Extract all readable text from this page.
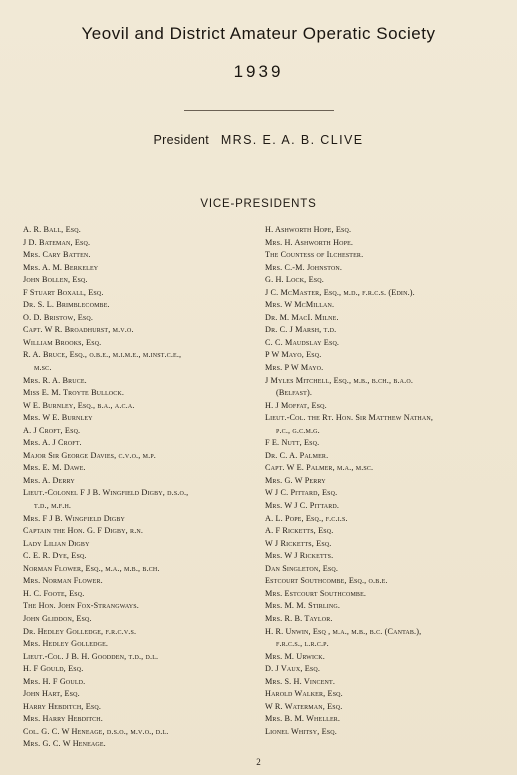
Yeovil and District Amateur Operatic Society
1939
President MRS. E. A. B. CLIVE
VICE-PRESIDENTS
A. R. Ball, Esq.
J D. Bateman, Esq.
Mrs. Cary Batten.
Mrs. A. M. Berkeley
John Bollen, Esq.
F Stuart Boxall, Esq.
Dr. S. L. Brimblecombe.
O. D. Bristow, Esq.
Capt. W R. Broadhurst, m.v.o.
William Brooks, Esq.
R. A. Bruce, Esq., o.b.e., m.i.m.e., m.inst.c.e.,
m.sc.
Mrs. R. A. Bruce.
Miss E. M. Troyte Bullock.
W E. Burnley, Esq., b.a., a.c.a.
Mrs. W E. Burnley
A. J Croft, Esq.
Mrs. A. J Croft.
Major Sir George Davies, c.v.o., m.p.
Mrs. E. M. Dawe.
Mrs. A. Derry
Lieut.-Colonel F J B. Wingfield Digby, d.s.o.,
t.d., m.f.h.
Mrs. F J B. Wingfield Digby
Captain the Hon. G. F Digby, r.n.
Lady Lilian Digby
C. E. R. Dye, Esq.
Norman Flower, Esq., m.a., m.b., b.ch.
Mrs. Norman Flower.
H. C. Foote, Esq.
The Hon. John Fox-Strangways.
John Gliddon, Esq.
Dr. Hedley Golledge, f.r.c.v.s.
Mrs. Hedley Golledge.
Lieut.-Col. J B. H. Goodden, t.d., d.l.
H. F Gould, Esq.
Mrs. H. F Gould.
John Hart, Esq.
Harry Hebditch, Esq.
Mrs. Harry Hebditch.
Col. G. C. W Heneage, d.s.o., m.v.o., d.l.
Mrs. G. C. W Heneage.
H. Ashworth Hope, Esq.
Mrs. H. Ashworth Hope.
The Countess of Ilchester.
Mrs. C.-M. Johnston.
G. H. Lock, Esq.
J C. McMaster, Esq., m.d., f.r.c.s. (Edin.).
Mrs. W McMillan.
Dr. M. MacI. Milne.
Dr. C. J Marsh, t.d.
C. C. Maudslay Esq.
P W Mayo, Esq.
Mrs. P W Mayo.
J Myles Mitchell, Esq., m.b., b.ch., b.a.o.
(Belfast).
H. J Moffat, Esq.
Lieut.-Col. the Rt. Hon. Sir Matthew Nathan,
p.c., g.c.m.g.
F E. Nutt, Esq.
Dr. C. A. Palmer.
Capt. W E. Palmer, m.a., m.sc.
Mrs. G. W Perry
W J C. Pittard, Esq.
Mrs. W J C. Pittard.
A. L. Pope, Esq., f.c.i.s.
A. F Ricketts, Esq.
W J Ricketts, Esq.
Mrs. W J Ricketts.
Dan Singleton, Esq.
Estcourt Southcombe, Esq., o.b.e.
Mrs. Estcourt Southcombe.
Mrs. M. M. Stirling.
Mrs. R. B. Taylor.
H. R. Unwin, Esq , m.a., m.b., b.c. (Cantab.),
f.r.c.s., l.r.c.p.
Mrs. M. Urwick.
D. J Vaux, Esq.
Mrs. S. H. Vincent.
Harold Walker, Esq.
W R. Waterman, Esq.
Mrs. B. M. Wheller.
Lionel Whitsy, Esq.
2
